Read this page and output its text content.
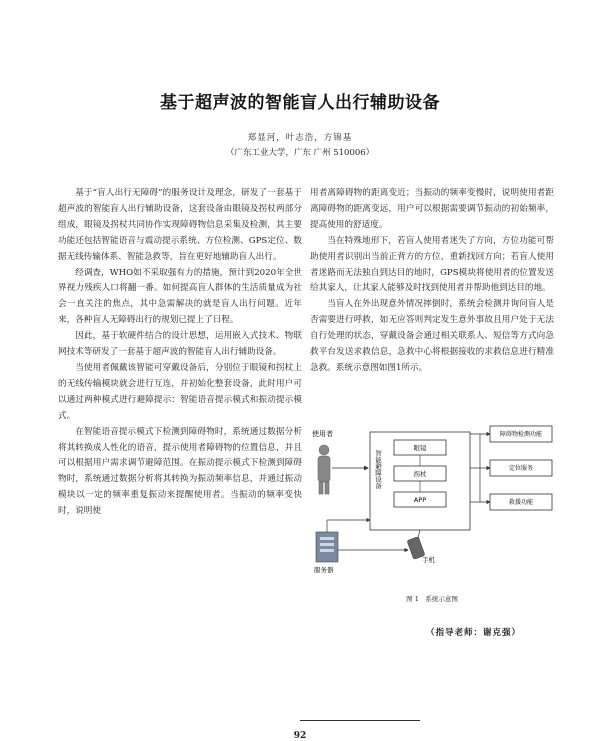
基于超声波的智能盲人出行辅助设备
郑显河，叶志浩，方锦基
（广东工业大学，广东 广州 510006）

基于“盲人出行无障碍”的服务设计及理念，研发了一套基于超声波的智能盲人出行辅助设备，这套设备由眼镜及拐杖两部分组成，眼镜及拐杖共同协作实现障碍物信息采集及检测，其主要功能还包括智能语音与震动提示系统、方位检测、GPS定位、数据无线传输体系、智能急救等，旨在更好地辅助盲人出行。

经调查，WHO如不采取强有力的措施，预计到2020年全世界视力残疾人口将翻一番。如何提高盲人群体的生活质量成为社会一直关注的焦点，其中急需解决的就是盲人出行问题。近年来，各种盲人无障碍出行的规划已提上了日程。

因此，基于软硬件结合的设计思想，运用嵌入式技术、物联网技术等研发了一套基于超声波的智能盲人出行辅助设备。

当使用者佩戴该智能可穿戴设备后，分别位于眼镜和拐杖上的无线传输模块就会进行互连，并初始化整套设备，此时用户可以通过两种模式进行避障提示：智能语音提示模式和振动提示模式。

在智能语音提示模式下检测到障碍物时，系统通过数据分析将其转换成人性化的语音，提示使用者障碍物的位置信息，并且可以根据用户需求调节避障范围。在振动提示模式下检测到障碍物时，系统通过数据分析将其转换为振动频率信息，并通过振动模块以一定的频率重复振动来提醒使用者。当振动的频率变快时，说明使

用者离障碍物的距离变近；当振动的频率变慢时，说明使用者距离障碍物的距离变远，用户可以根据需要调节振动的初始频率，提高使用的舒适度。

当在特殊地形下，若盲人使用者迷失了方向，方位功能可帮助使用者识别出当前正背方的方位，重新找回方向；若盲人使用者迷路而无法独自到达目的地时，GPS模块将使用者的位置发送给其家人，让其家人能够及时找到使用者并帮助他到达目的地。

当盲人在外出现意外情况摔倒时，系统会检测并询问盲人是否需要进行呼救，如无应答则判定发生意外事故且用户处于无法自行处理的状态，穿戴设备会通过相关联系人、短信等方式向急救平台发送求救信息，急救中心将根据接收的求救信息进行精准急救。系统示意图如图1所示。

使用者
智能避障设备
眼镜
拐杖
APP
障碍物检测功能
定位服务
救援功能
服务器
手机
图 1　系统示意图
（指导老师：谢克强）
92
